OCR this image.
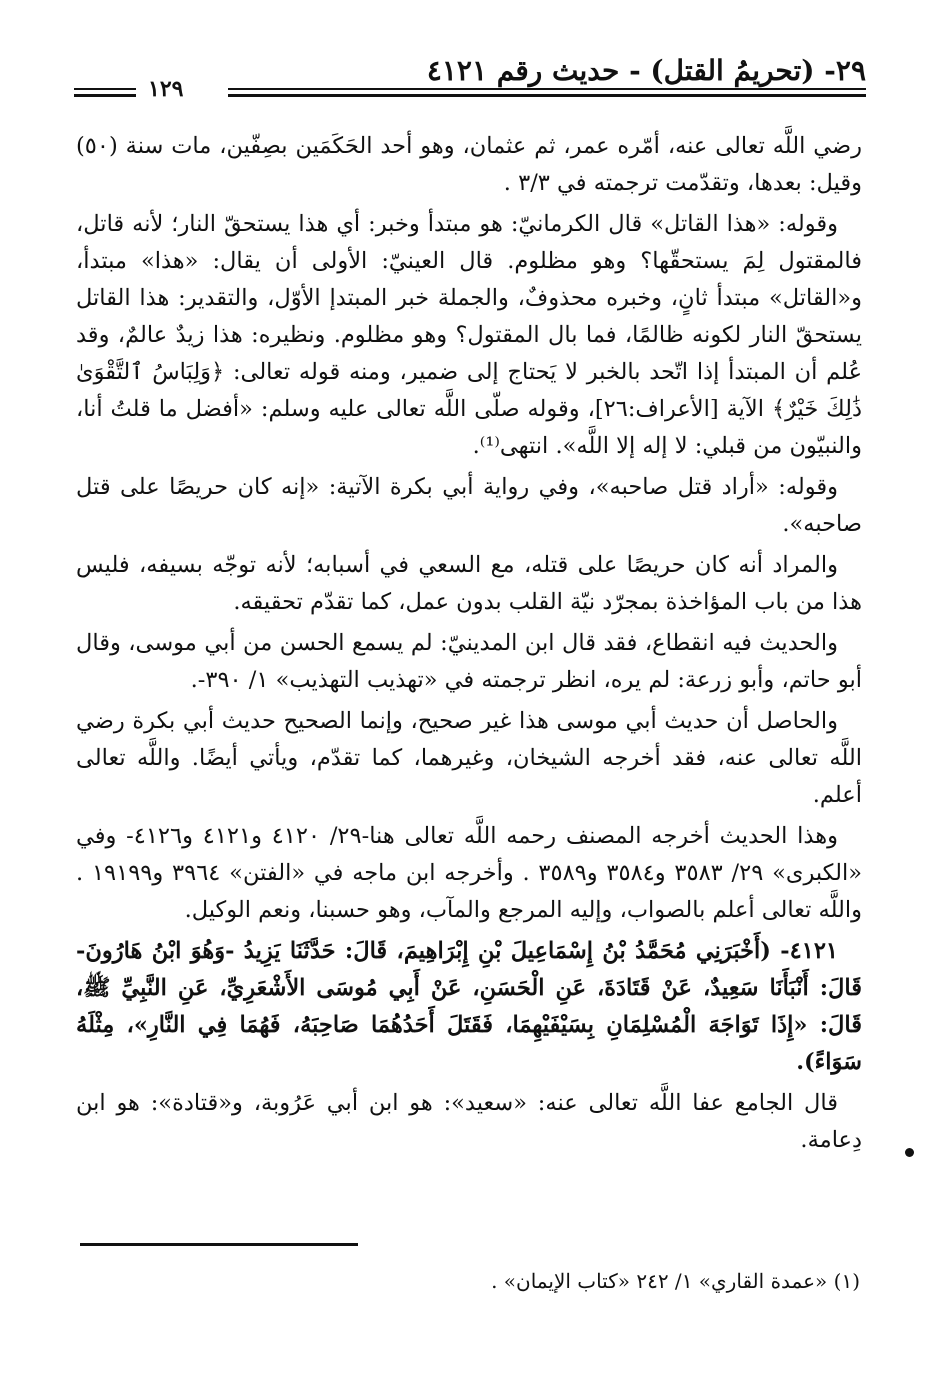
٢٩- (تحريمُ القتل) - حديث رقم ٤١٢١
١٢٩

رضي اللَّه تعالى عنه، أمّره عمر، ثم عثمان، وهو أحد الحَكَمَين بصِفّين، مات سنة (٥٠) وقيل: بعدها، وتقدّمت ترجمته في ٣/٣ .

وقوله: «هذا القاتل» قال الكرمانيّ: هو مبتدأ وخبر: أي هذا يستحقّ النار؛ لأنه قاتل، فالمقتول لِمَ يستحقّها؟ وهو مظلوم. قال العينيّ: الأولى أن يقال: «هذا» مبتدأ، و«القاتل» مبتدأ ثانٍ، وخبره محذوفٌ، والجملة خبر المبتدإ الأوّل، والتقدير: هذا القاتل يستحقّ النار لكونه ظالمًا، فما بال المقتول؟ وهو مظلوم. ونظيره: هذا زيدٌ عالمٌ، وقد عُلم أن المبتدأ إذا اتّحد بالخبر لا يَحتاج إلى ضمير، ومنه قوله تعالى: ﴿وَلِبَاسُ ٱلتَّقْوَىٰ ذَٰلِكَ خَيْرٌ﴾ الآية [الأعراف:٢٦]، وقوله صلّى اللَّه تعالى عليه وسلم: «أفضل ما قلتُ أنا، والنبيّون من قبلي: لا إله إلا اللَّه». انتهى⁽¹⁾.

وقوله: «أراد قتل صاحبه»، وفي رواية أبي بكرة الآتية: «إنه كان حريصًا على قتل صاحبه».

والمراد أنه كان حريصًا على قتله، مع السعي في أسبابه؛ لأنه توجّه بسيفه، فليس هذا من باب المؤاخذة بمجرّد نيّة القلب بدون عمل، كما تقدّم تحقيقه.

والحديث فيه انقطاع، فقد قال ابن المدينيّ: لم يسمع الحسن من أبي موسى، وقال أبو حاتم، وأبو زرعة: لم يره، انظر ترجمته في «تهذيب التهذيب» ١/ ٣٩٠-.

والحاصل أن حديث أبي موسى هذا غير صحيح، وإنما الصحيح حديث أبي بكرة رضي اللَّه تعالى عنه، فقد أخرجه الشيخان، وغيرهما، كما تقدّم، ويأتي أيضًا. واللَّه تعالى أعلم.

وهذا الحديث أخرجه المصنف رحمه اللَّه تعالى هنا-٢٩/ ٤١٢٠ و٤١٢١ و٤١٢٦- وفي «الكبرى» ٢٩/ ٣٥٨٣ و٣٥٨٤ و٣٥٨٩ . وأخرجه ابن ماجه في «الفتن» ٣٩٦٤ و١٩١٩٩ . واللَّه تعالى أعلم بالصواب، وإليه المرجع والمآب، وهو حسبنا، ونعم الوكيل.

٤١٢١- (أَخْبَرَنِي مُحَمَّدُ بْنُ إِسْمَاعِيلَ بْنِ إِبْرَاهِيمَ، قَالَ: حَدَّثَنَا يَزِيدُ -وَهُوَ ابْنُ هَارُونَ- قَالَ: أَنْبَأَنَا سَعِيدٌ، عَنْ قَتَادَةَ، عَنِ الْحَسَنِ، عَنْ أَبِي مُوسَى الأَشْعَرِيِّ، عَنِ النَّبِيِّ ﷺ، قَالَ: «إِذَا تَوَاجَهَ الْمُسْلِمَانِ بِسَيْفَيْهِمَا، فَقَتَلَ أَحَدُهُمَا صَاحِبَهُ، فَهُمَا فِي النَّارِ»، مِثْلَهُ سَوَاءً).

قال الجامع عفا اللَّه تعالى عنه: «سعيد»: هو ابن أبي عَرُوبة، و«قتادة»: هو ابن دِعامة.

(١) «عمدة القاري» ١/ ٢٤٢ «كتاب الإيمان» .
